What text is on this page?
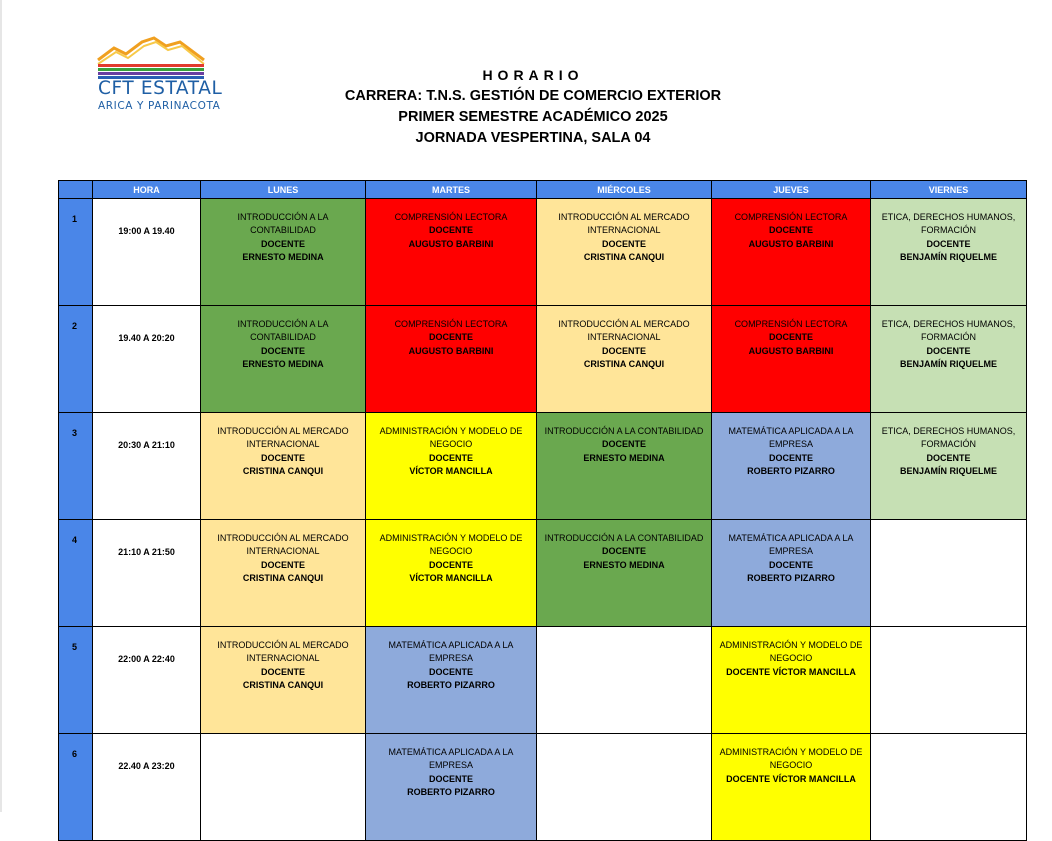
CFT ESTATAL
ARICA Y PARINACOTA
HORARIO
CARRERA: T.N.S. GESTIÓN DE COMERCIO EXTERIOR
PRIMER SEMESTRE ACADÉMICO 2025
JORNADA VESPERTINA, SALA 04
	HORA	LUNES	MARTES	MIÉRCOLES	JUEVES	VIERNES
1	19:00 A 19.40	INTRODUCCIÓN A LA CONTABILIDAD
DOCENTE
ERNESTO MEDINA	COMPRENSIÓN LECTORA
DOCENTE
AUGUSTO BARBINI	INTRODUCCIÓN AL MERCADO INTERNACIONAL
DOCENTE
CRISTINA CANQUI	COMPRENSIÓN LECTORA
DOCENTE
AUGUSTO BARBINI	ETICA, DERECHOS HUMANOS, FORMACIÓN
DOCENTE
BENJAMÍN RIQUELME

2	19.40 A 20:20	INTRODUCCIÓN A LA CONTABILIDAD
DOCENTE
ERNESTO MEDINA	COMPRENSIÓN LECTORA
DOCENTE
AUGUSTO BARBINI	INTRODUCCIÓN AL MERCADO INTERNACIONAL
DOCENTE
CRISTINA CANQUI	COMPRENSIÓN LECTORA
DOCENTE
AUGUSTO BARBINI	ETICA, DERECHOS HUMANOS, FORMACIÓN
DOCENTE
BENJAMÍN RIQUELME

3	20:30 A 21:10	INTRODUCCIÓN AL MERCADO INTERNACIONAL
DOCENTE
CRISTINA CANQUI	ADMINISTRACIÓN Y MODELO DE NEGOCIO
DOCENTE
VÍCTOR MANCILLA	INTRODUCCIÓN A LA CONTABILIDAD
DOCENTE
ERNESTO MEDINA	MATEMÁTICA APLICADA A LA EMPRESA
DOCENTE
ROBERTO PIZARRO	ETICA, DERECHOS HUMANOS, FORMACIÓN
DOCENTE
BENJAMÍN RIQUELME

4	21:10 A 21:50	INTRODUCCIÓN AL MERCADO INTERNACIONAL
DOCENTE
CRISTINA CANQUI	ADMINISTRACIÓN Y MODELO DE NEGOCIO
DOCENTE
VÍCTOR MANCILLA	INTRODUCCIÓN A LA CONTABILIDAD
DOCENTE
ERNESTO MEDINA	MATEMÁTICA APLICADA A LA EMPRESA
DOCENTE
ROBERTO PIZARRO	

5	22:00 A 22:40	INTRODUCCIÓN AL MERCADO INTERNACIONAL
DOCENTE
CRISTINA CANQUI	MATEMÁTICA APLICADA A LA EMPRESA
DOCENTE
ROBERTO PIZARRO		ADMINISTRACIÓN Y MODELO DE NEGOCIO
DOCENTE VÍCTOR MANCILLA	

6	22.40 A 23:20		MATEMÁTICA APLICADA A LA EMPRESA
DOCENTE
ROBERTO PIZARRO		ADMINISTRACIÓN Y MODELO DE NEGOCIO
DOCENTE VÍCTOR MANCILLA	
